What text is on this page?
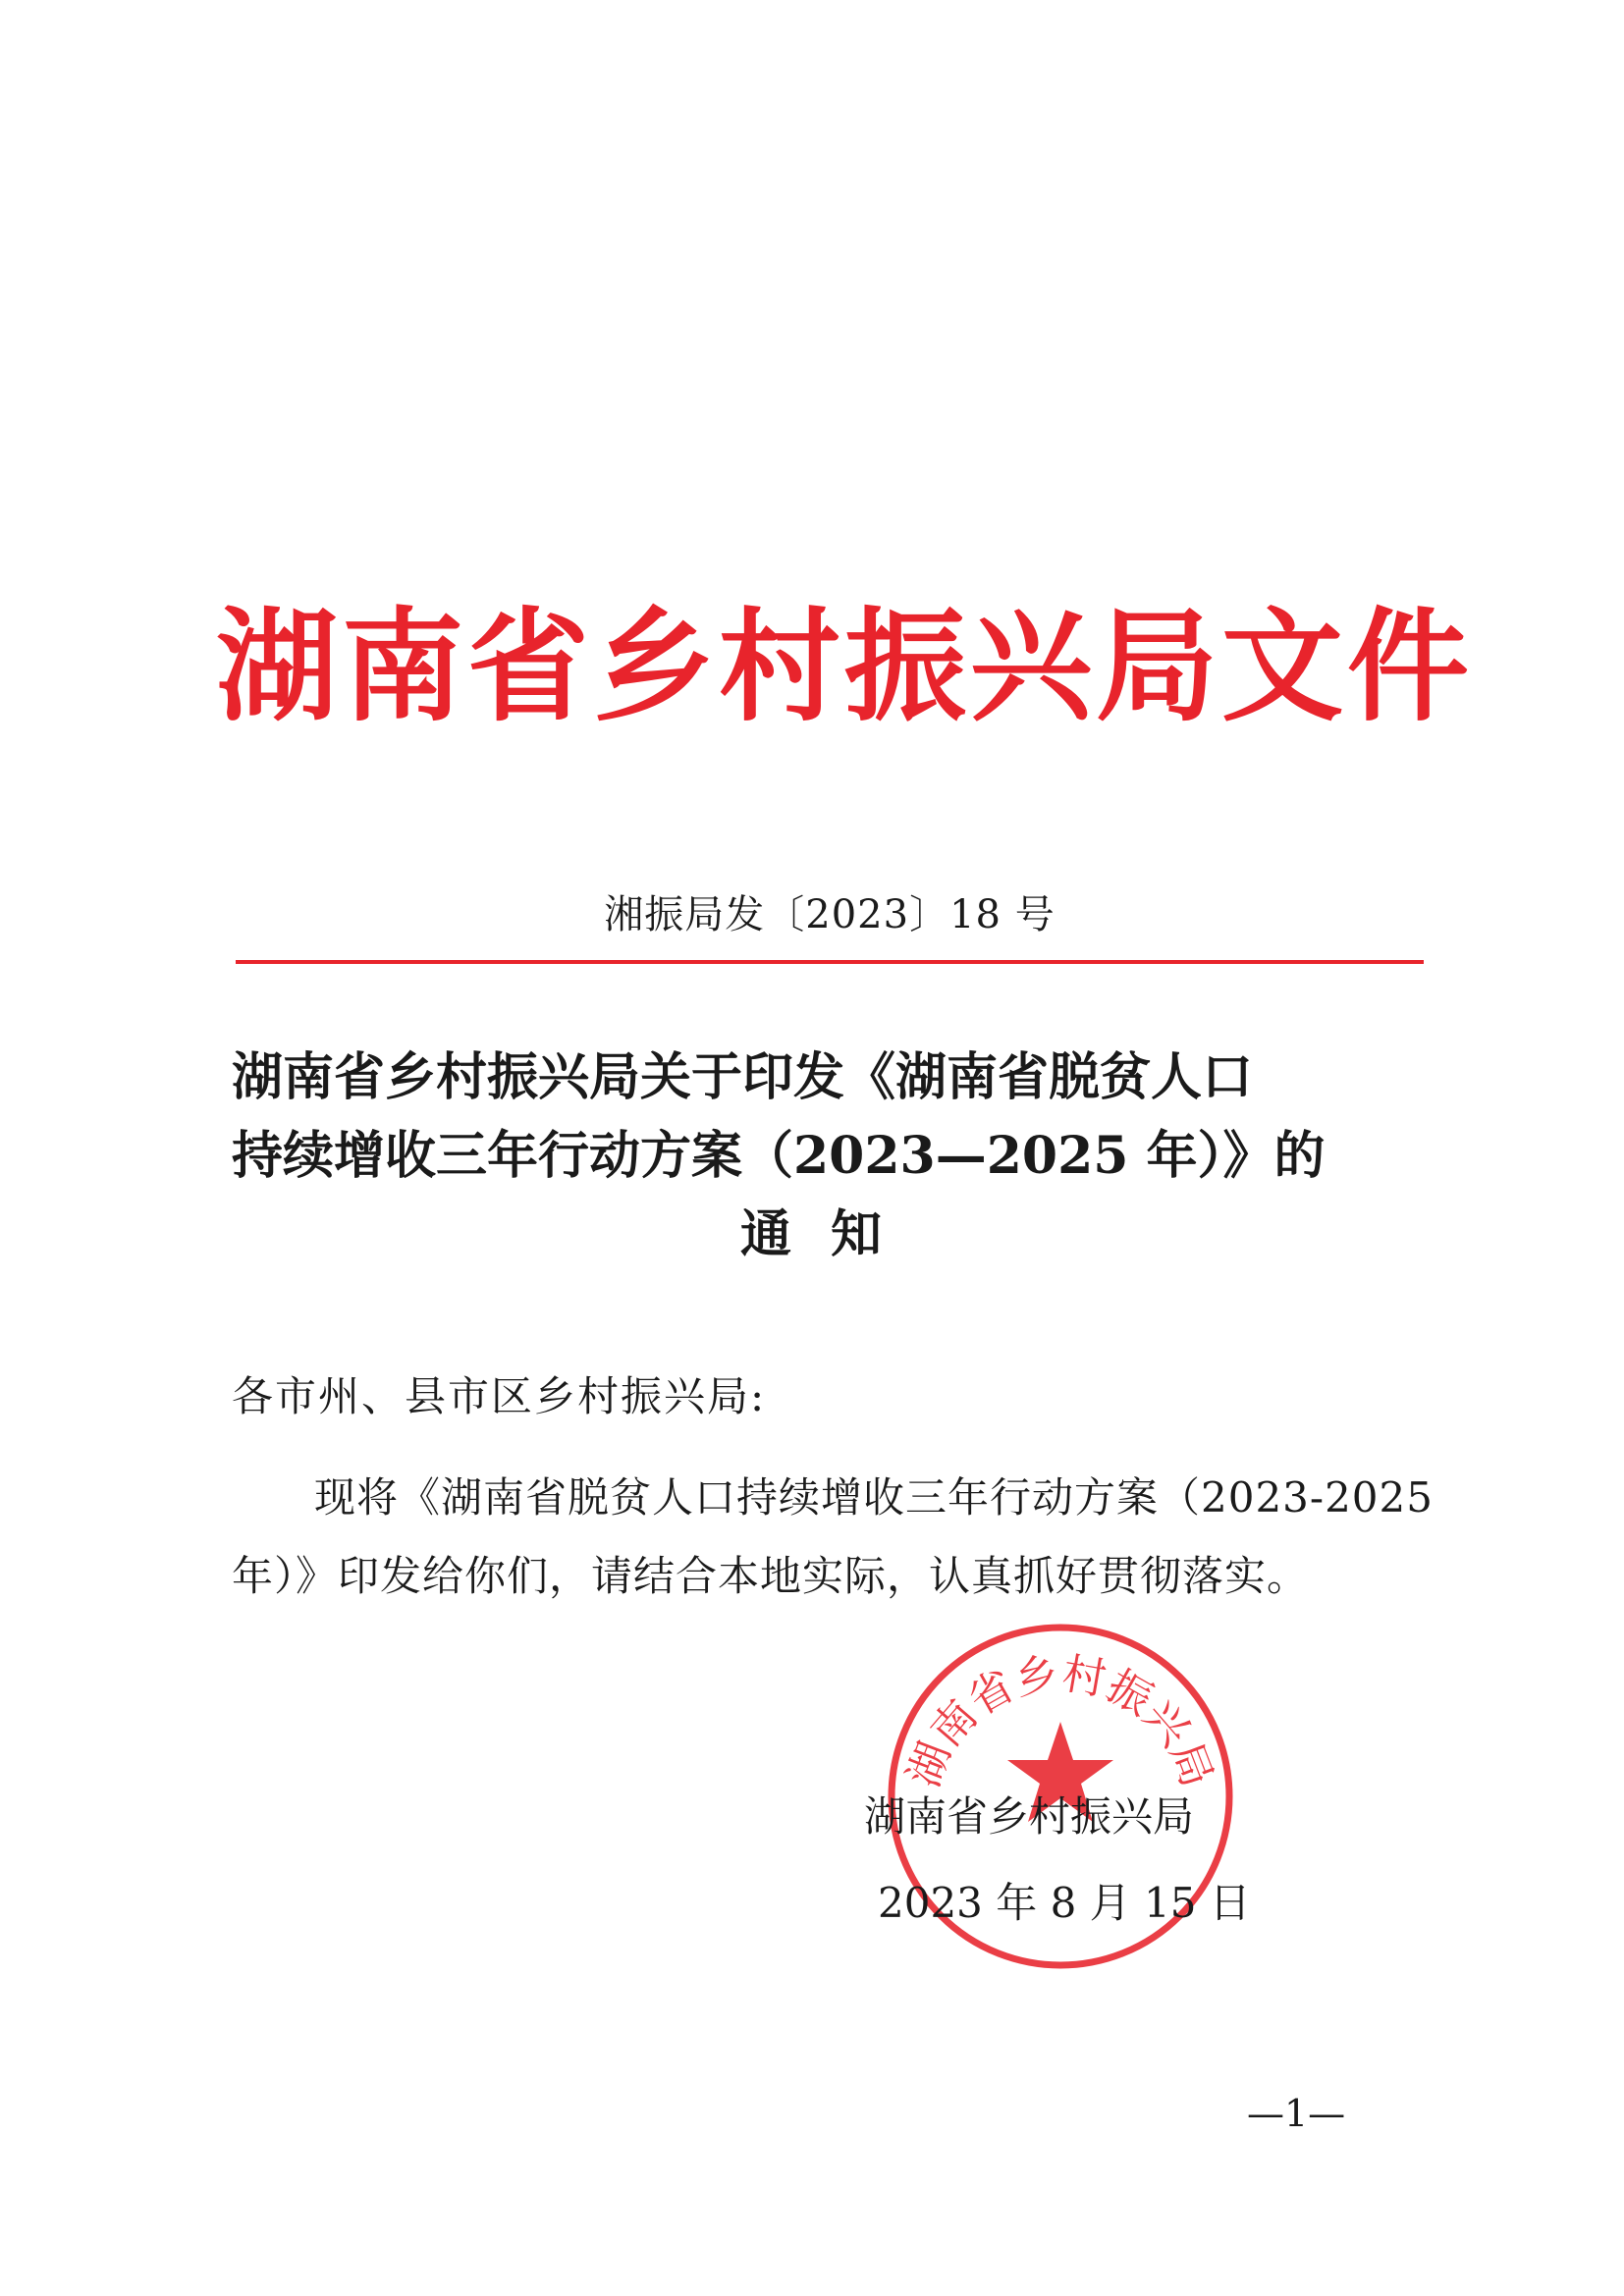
湖南省乡村振兴局文件
湘振局发〔2023〕18 号
湖南省乡村振兴局关于印发《湖南省脱贫人口
持续增收三年行动方案（2023—2025 年）》的
通知
各市州、县市区乡村振兴局:
现将《湖南省脱贫人口持续增收三年行动方案（2023-2025 年）》印发给你们，请结合本地实际，认真抓好贯彻落实。
湖南省乡村振兴局
湖南省乡村振兴局
2023 年 8 月 15 日
—1—
